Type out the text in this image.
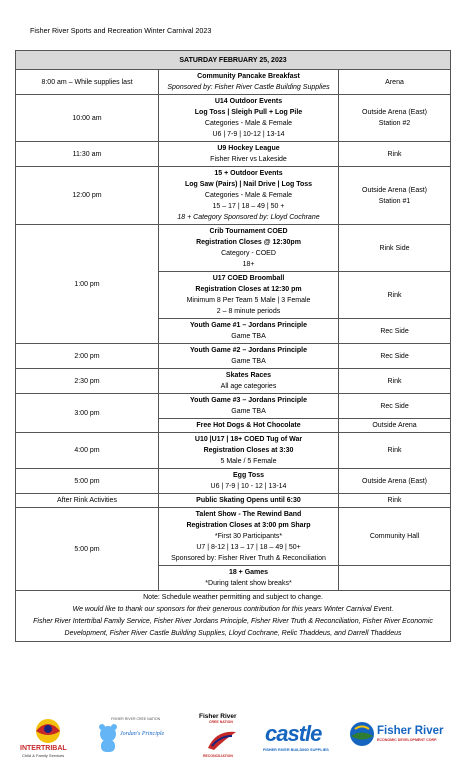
Fisher River Sports and Recreation Winter Carnival 2023
SATURDAY FEBRUARY 25, 2023		
8:00 am – While supplies last	Community Pancake Breakfast
Sponsored by: Fisher River Castle Building Supplies	Arena
10:00 am	U14 Outdoor Events
Log Toss | Sleigh Pull + Log Pile
Categories - Male & Female
U6 | 7-9 | 10-12 | 13-14	Outside Arena (East)
Station #2
11:30 am	U9 Hockey League
Fisher River vs Lakeside	Rink
12:00 pm	15 + Outdoor Events
Log Saw (Pairs) | Nail Drive | Log Toss
Categories - Male & Female
15 – 17 | 18 – 49 | 50 +
18 + Category Sponsored by: Lloyd Cochrane	Outside Arena (East)
Station #1
1:00 pm	Crib Tournament COED
Registration Closes @ 12:30pm
Category - COED
18+	Rink Side

	U17 COED Broomball
Registration Closes at 12:30 pm
Minimum 8 Per Team 5 Male | 3 Female
2 – 8 minute periods	Rink

	Youth Game #1 – Jordans Principle
Game TBA	Rec Side
2:00 pm	Youth Game #2 – Jordans Principle
Game TBA	Rec Side
2:30 pm	Skates Races
All age categories	Rink
3:00 pm	Youth Game #3 – Jordans Principle
Game TBA	Rec Side

	Free Hot Dogs & Hot Chocolate	Outside Arena
4:00 pm	U10 |U17 | 18+ COED Tug of War
Registration Closes at 3:30
5 Male / 5 Female	Rink
5:00 pm	Egg Toss
U6 | 7-9 | 10 - 12 | 13-14	Outside Arena (East)
After Rink Activities	Public Skating Opens until 6:30	Rink
5:00 pm	Talent Show - The Rewind Band
Registration Closes at 3:00 pm Sharp
*First 30 Participants*
U7 | 8-12 | 13 – 17 | 18 – 49 | 50+
Sponsored by: Fisher River Truth & Reconciliation	Community Hall

	18 + Games
*During talent show breaks*	

Note: Schedule weather permitting and subject to change.
We would like to thank our sponsors for their generous contribution for this years Winter Carnival Event.
Fisher River Intertribal Family Service, Fisher River Jordans Principle, Fisher River Truth & Reconciliation, Fisher River Economic Development, Fisher River Castle Building Supplies, Lloyd Cochrane, Relic Thaddeus, and Darrell Thaddeus		
INTERTRIBAL
Child & Family Services
FISHER RIVER CREE NATION
Jordan's Principle
Fisher River
CREE NATION
RECONCILIATION
castle
FISHER RIVER BUILDING SUPPLIES
Fisher River
ECONOMIC DEVELOPMENT CORP.
